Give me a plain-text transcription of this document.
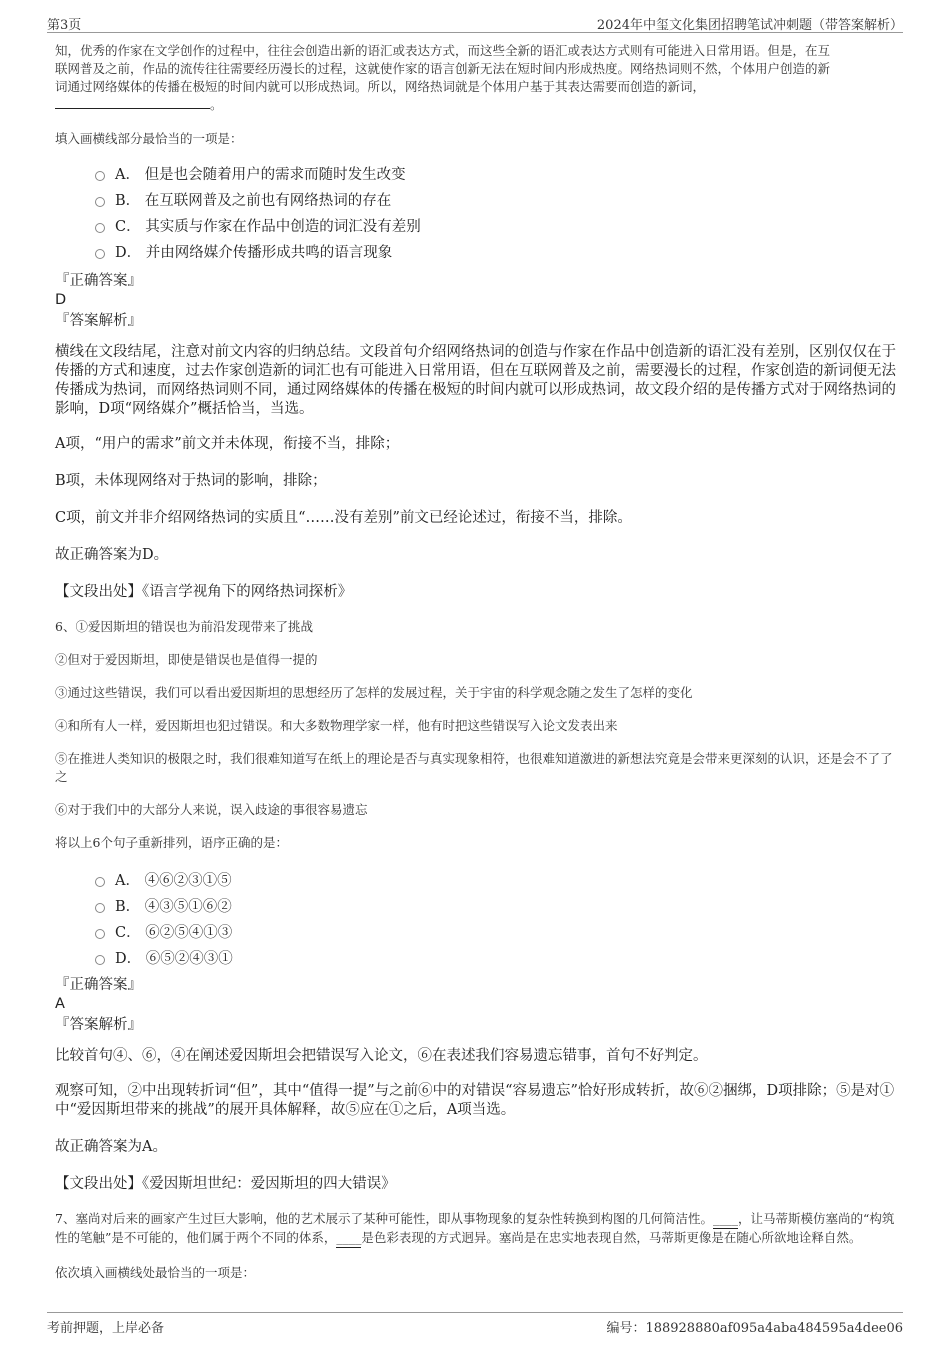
第3页	2024年中玺文化集团招聘笔试冲刺题（带答案解析）
知，优秀的作家在文学创作的过程中，往往会创造出新的语汇或表达方式，而这些全新的语汇或表达方式则有可能进入日常用语。但是，在互
联网普及之前，作品的流传往往需要经历漫长的过程，这就使作家的语言创新无法在短时间内形成热度。网络热词则不然，个体用户创造的新
词通过网络媒体的传播在极短的时间内就可以形成热词。所以，网络热词就是个体用户基于其表达需要而创造的新词，
。
填入画横线部分最恰当的一项是：
A． 但是也会随着用户的需求而随时发生改变
B． 在互联网普及之前也有网络热词的存在
C． 其实质与作家在作品中创造的词汇没有差别
D． 并由网络媒介传播形成共鸣的语言现象
『正确答案』
D
『答案解析』
横线在文段结尾，注意对前文内容的归纳总结。文段首句介绍网络热词的创造与作家在作品中创造新的语汇没有差别，区别仅仅在于传播的方式和速度，过去作家创造新的词汇也有可能进入日常用语，但在互联网普及之前，需要漫长的过程，作家创造的新词便无法传播成为热词，而网络热词则不同，通过网络媒体的传播在极短的时间内就可以形成热词，故文段介绍的是传播方式对于网络热词的影响，D项“网络媒介”概括恰当，当选。
A项，“用户的需求”前文并未体现，衔接不当，排除；
B项，未体现网络对于热词的影响，排除；
C项，前文并非介绍网络热词的实质且“……没有差别”前文已经论述过，衔接不当，排除。
故正确答案为D。
【文段出处】《语言学视角下的网络热词探析》
6、①爱因斯坦的错误也为前沿发现带来了挑战
②但对于爱因斯坦，即使是错误也是值得一提的
③通过这些错误，我们可以看出爱因斯坦的思想经历了怎样的发展过程，关于宇宙的科学观念随之发生了怎样的变化
④和所有人一样，爱因斯坦也犯过错误。和大多数物理学家一样，他有时把这些错误写入论文发表出来
⑤在推进人类知识的极限之时，我们很难知道写在纸上的理论是否与真实现象相符，也很难知道激进的新想法究竟是会带来更深刻的认识，还是会不了了之
⑥对于我们中的大部分人来说，误入歧途的事很容易遗忘
将以上6个句子重新排列，语序正确的是：
A． ④⑥②③①⑤
B． ④③⑤①⑥②
C． ⑥②⑤④①③
D． ⑥⑤②④③①
『正确答案』
A
『答案解析』
比较首句④、⑥，④在阐述爱因斯坦会把错误写入论文，⑥在表述我们容易遗忘错事，首句不好判定。
观察可知，②中出现转折词“但”，其中“值得一提”与之前⑥中的对错误“容易遗忘”恰好形成转折，故⑥②捆绑，D项排除；⑤是对①中“爱因斯坦带来的挑战”的展开具体解释，故⑤应在①之后，A项当选。
故正确答案为A。
【文段出处】《爱因斯坦世纪：爱因斯坦的四大错误》
7、塞尚对后来的画家产生过巨大影响，他的艺术展示了某种可能性，即从事物现象的复杂性转换到构图的几何简洁性。____，让马蒂斯模仿塞尚的“构筑性的笔触”是不可能的，他们属于两个不同的体系，____是色彩表现的方式迥异。塞尚是在忠实地表现自然，马蒂斯更像是在随心所欲地诠释自然。
依次填入画横线处最恰当的一项是：
考前押题，上岸必备	编号：188928880af095a4aba484595a4dee06
